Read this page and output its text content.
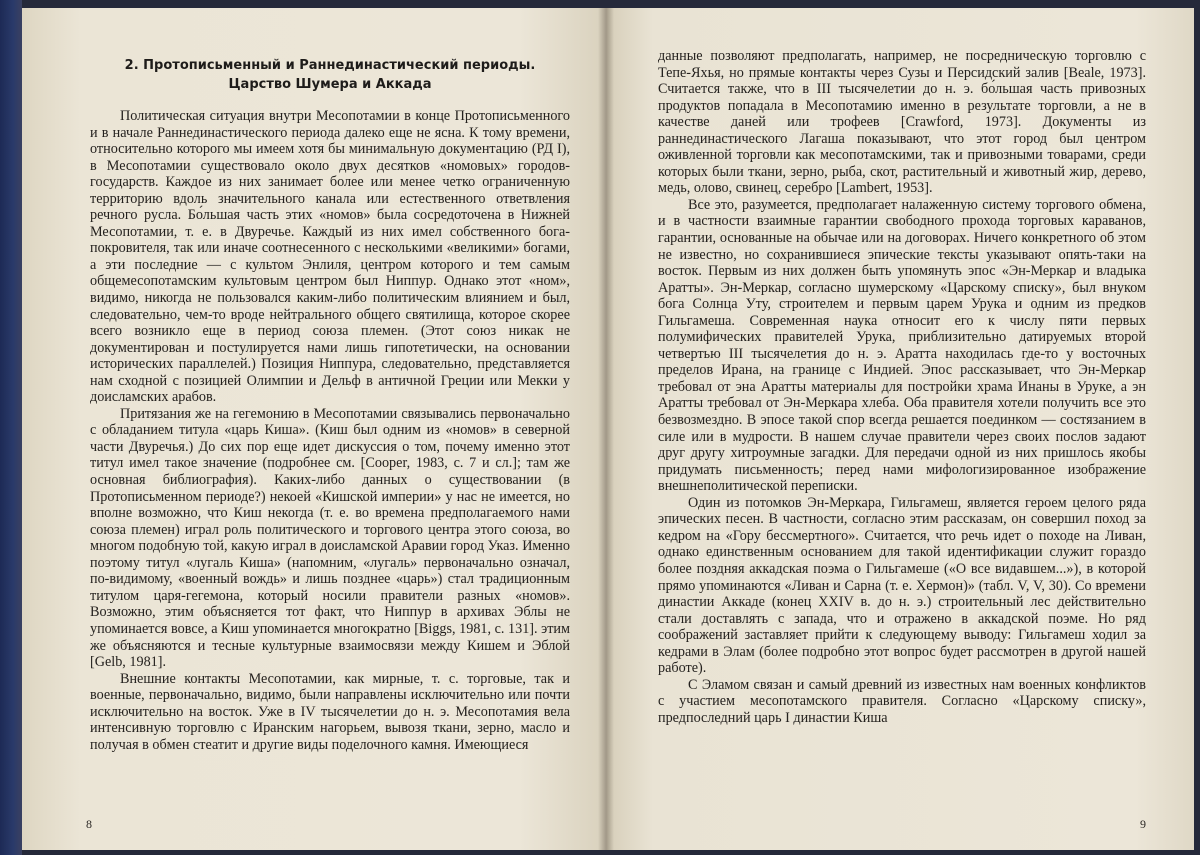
2. Протописьменный и Раннединастический периоды.
Царство Шумера и Аккада

Политическая ситуация внутри Месопотамии в конце Протописьменного и в начале Раннединастического периода далеко еще не ясна. К тому времени, относительно которого мы имеем хотя бы минимальную документацию (РД I), в Месопотамии существовало около двух десятков «номовых» городов-государств. Каждое из них занимает более или менее четко ограниченную территорию вдоль значительного канала или естественного ответвления речного русла. Бо́льшая часть этих «номов» была сосредоточена в Нижней Месопотамии, т. е. в Двуречье. Каждый из них имел собственного бога-покровителя, так или иначе соотнесенного с несколькими «великими» богами, а эти последние — с культом Энлиля, центром которого и тем самым общемесопотамским культовым центром был Ниппур. Однако этот «ном», видимо, никогда не пользовался каким-либо политическим влиянием и был, следовательно, чем-то вроде нейтрального общего святилища, которое скорее всего возникло еще в период союза племен. (Этот союз никак не документирован и постулируется нами лишь гипотетически, на основании исторических параллелей.) Позиция Ниппура, следовательно, представляется нам сходной с позицией Олимпии и Дельф в античной Греции или Мекки у доисламских арабов.

Притязания же на гегемонию в Месопотамии связывались первоначально с обладанием титула «царь Киша». (Киш был одним из «номов» в северной части Двуречья.) До сих пор еще идет дискуссия о том, почему именно этот титул имел такое значение (подробнее см. [Cooper, 1983, с. 7 и сл.]; там же основная библиография). Каких-либо данных о существовании (в Протописьменном периоде?) некоей «Кишской империи» у нас не имеется, но вполне возможно, что Киш некогда (т. е. во времена предполагаемого нами союза племен) играл роль политического и торгового центра этого союза, во многом подобную той, какую играл в доисламской Аравии город Указ. Именно поэтому титул «лугаль Киша» (напомним, «лугаль» первоначально означал, по-видимому, «военный вождь» и лишь позднее «царь») стал традиционным титулом царя-гегемона, который носили правители разных «номов». Возможно, этим объясняется тот факт, что Ниппур в архивах Эблы не упоминается вовсе, а Киш упоминается многократно [Biggs, 1981, с. 131]. этим же объясняются и тесные культурные взаимосвязи между Кишем и Эблой [Gelb, 1981].

Внешние контакты Месопотамии, как мирные, т. с. торговые, так и военные, первоначально, видимо, были направлены исключительно или почти исключительно на восток. Уже в IV тысячелетии до н. э. Месопотамия вела интенсивную торговлю с Иранским нагорьем, вывозя ткани, зерно, масло и получая в обмен стеатит и другие виды поделочного камня. Имеющиеся

8

данные позволяют предполагать, например, не посредническую торговлю с Тепе-Яхья, но прямые контакты через Сузы и Персидский залив [Beale, 1973]. Считается также, что в III тысячелетии до н. э. бо́льшая часть привозных продуктов попадала в Месопотамию именно в результате торговли, а не в качестве даней или трофеев [Crawford, 1973]. Документы из раннединастического Лагаша показывают, что этот город был центром оживленной торговли как месопотамскими, так и привозными товарами, среди которых были ткани, зерно, рыба, скот, растительный и животный жир, дерево, медь, олово, свинец, серебро [Lambert, 1953].

Все это, разумеется, предполагает налаженную систему торгового обмена, и в частности взаимные гарантии свободного прохода торговых караванов, гарантии, основанные на обычае или на договорах. Ничего конкретного об этом не известно, но сохранившиеся эпические тексты указывают опять-таки на восток. Первым из них должен быть упомянуть эпос «Эн-Меркар и владыка Аратты». Эн-Меркар, согласно шумерскому «Царскому списку», был внуком бога Солнца Уту, строителем и первым царем Урука и одним из предков Гильгамеша. Современная наука относит его к числу пяти первых полумифических правителей Урука, приблизительно датируемых второй четвертью III тысячелетия до н. э. Аратта находилась где-то у восточных пределов Ирана, на границе с Индией. Эпос рассказывает, что Эн-Меркар требовал от эна Аратты материалы для постройки храма Инаны в Уруке, а эн Аратты требовал от Эн-Меркара хлеба. Оба правителя хотели получить все это безвозмездно. В эпосе такой спор всегда решается поединком — состязанием в силе или в мудрости. В нашем случае правители через своих послов задают друг другу хитроумные загадки. Для передачи одной из них пришлось якобы придумать письменность; перед нами мифологизированное изображение внешнеполитической переписки.

Один из потомков Эн-Меркара, Гильгамеш, является героем целого ряда эпических песен. В частности, согласно этим рассказам, он совершил поход за кедром на «Гору бессмертного». Считается, что речь идет о походе на Ливан, однако единственным основанием для такой идентификации служит гораздо более поздняя аккадская поэма о Гильгамеше («О все видавшем...»), в которой прямо упоминаются «Ливан и Сарна (т. е. Хермон)» (табл. V, V, 30). Со времени династии Аккаде (конец XXIV в. до н. э.) строительный лес действительно стали доставлять с запада, что и отражено в аккадской поэме. Но ряд соображений заставляет прийти к следующему выводу: Гильгамеш ходил за кедрами в Элам (более подробно этот вопрос будет рассмотрен в другой нашей работе).

С Эламом связан и самый древний из известных нам военных конфликтов с участием месопотамского правителя. Согласно «Царскому списку», предпоследний царь I династии Киша

9
